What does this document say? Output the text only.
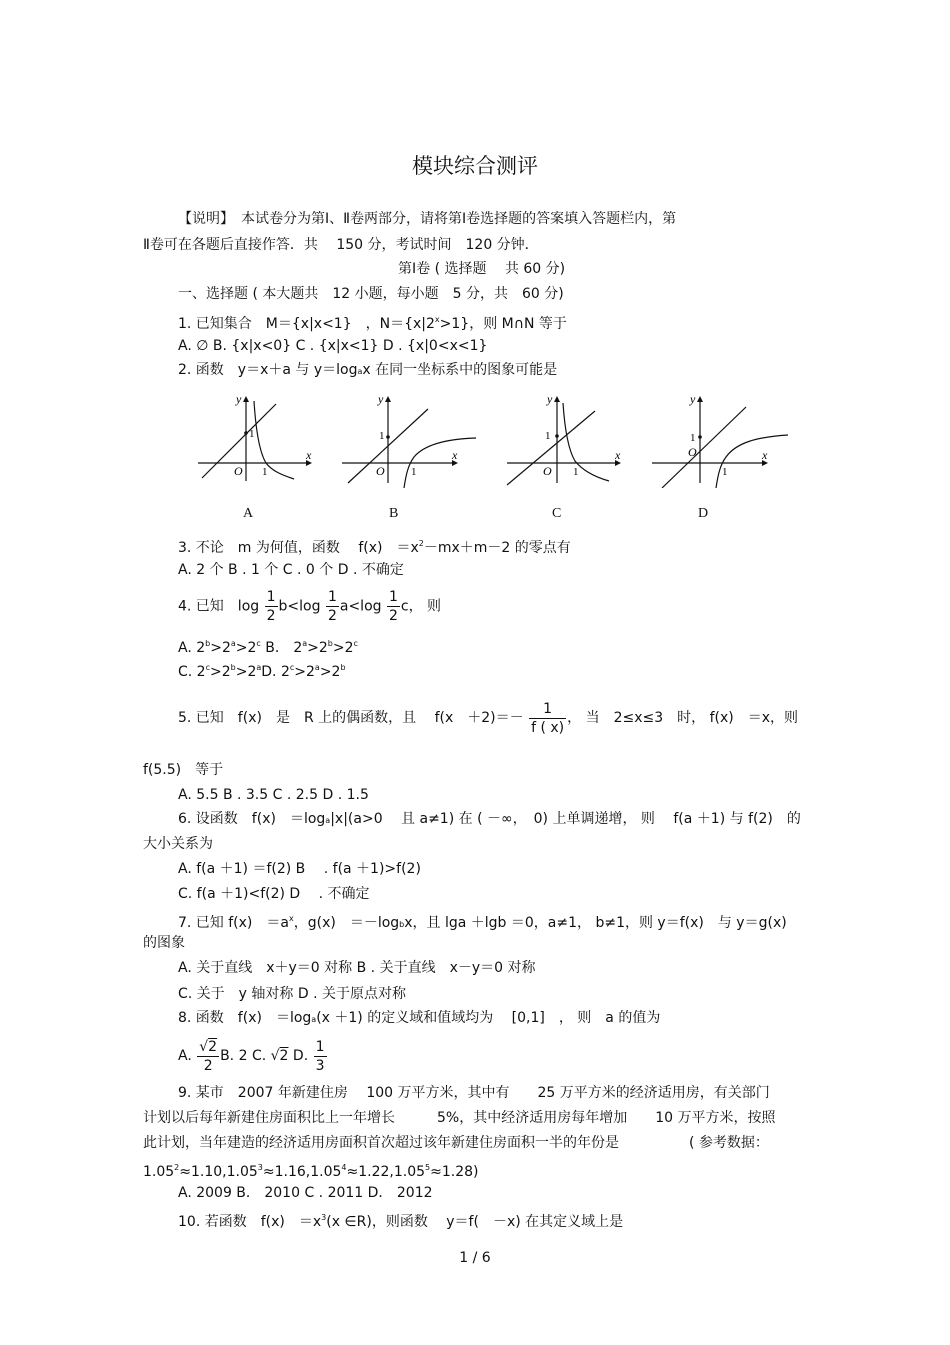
模块综合测评
【说明】　本试卷分为第Ⅰ、Ⅱ卷两部分，请将第Ⅰ卷选择题的答案填入答题栏内，第
Ⅱ卷可在各题后直接作答．共　 150 分，考试时间　120 分钟．
第Ⅰ卷 ( 选择题　 共 60 分)
一、选择题 ( 本大题共　12 小题，每小题　5 分，共　60 分)
1. 已知集合　M＝{x|x<1}　，$N=\{x|2^x>1\}$，则 M∩N 等于
A. ∅ B. {x|x<0} C . {x|x<1} D . {x|0<x<1}
2. 函数　y＝x＋a 与 y＝logax 在同一坐标系中的图象可能是
y
x
O 1
1
A
y
x
O 1
1
B
y
x
O 1
1
C
y
x
O
1
1
D
3. 不论　m 为何值，函数　 f(x)　$=x^2-mx+m-2$ 的零点有
A. 2 个 B . 1 个 C . 0 个 D . 不确定
4. 已知　$\log \frac{1}{2} b<\log \frac{1}{2} a<\log \frac{1}{2}$ c， 则
A. $2^b>2^a>2^c$ B． $2^a>2^b>2^c$
C. $2^c>2^b>2^aD$. $2^c>2^a>2^b$
5. 已知　f(x)　是　R 上的偶函数，且　 f(x　$+2)=- \frac{1}{f ( x)}$ ， 当　2≤x≤3　时， f(x)　＝x，则
f(5.5)　等于
A. 5.5 B . 3.5 C . 2.5 D . 1.5
6. 设函数　f(x)　＝loga|x|(a>0　 且 a≠1) 在 ( －∞，　0) 上单调递增， 则　 f(a ＋1) 与 f(2)　的
大小关系为
A. f(a ＋1) ＝f(2) B　 . f(a ＋1)>f(2)
C. f(a ＋1)<f(2) D　 . 不确定
7. 已知 f(x)　$=a^x$，g(x)　＝－logbx，且 lga ＋lgb ＝0，a≠1， b≠1，则 y＝f(x)　与 y＝g(x)
的图象
A. 关于直线　x＋y＝0 对称 B . 关于直线　x－y＝0 对称
C. 关于　y 轴对称 D . 关于原点对称
8. 函数　f(x)　＝loga(x ＋1) 的定义域和值域均为　 [0,1]　， 则　a 的值为
A. $\frac{√2}{2} B$. 2 C. √2 D. $\frac{1}{3}$
9. 某市　2007 年新建住房　 100 万平方米，其中有　　25 万平方米的经济适用房，有关部门
计划以后每年新建住房面积比上一年增长　　　5%，其中经济适用房每年增加　　10 万平方米，按照
此计划，当年建造的经济适用房面积首次超过该年新建住房面积一半的年份是　　　　　( 参考数据：
$1.05^2\approx 1.10,1.05^3\approx 1.16,1.05^4\approx 1.22,1.05^5\approx 1.28$)
A. 2009 B． 2010 C . 2011 D． 2012
10. 若函数　f(x)　$=x^3(x$ ∈R)，则函数　 y＝f(　－x) 在其定义域上是
1 / 6
